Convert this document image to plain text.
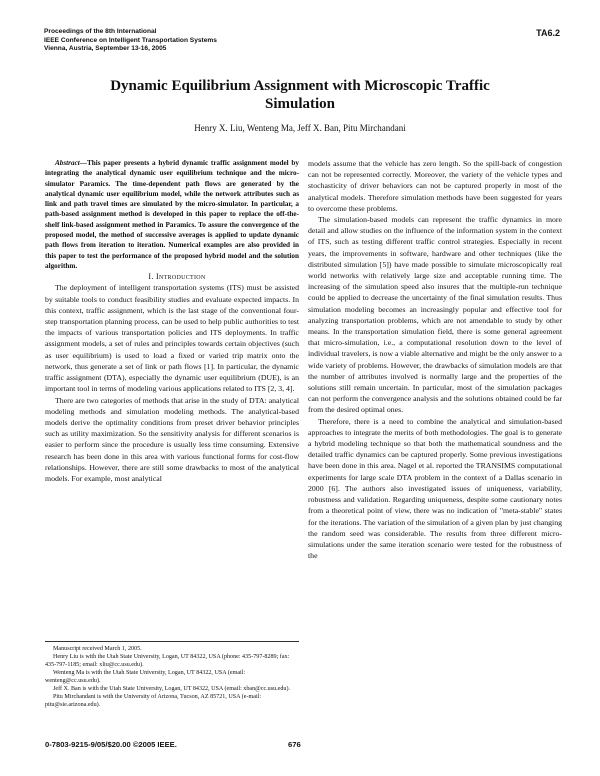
Proceedings of the 8th International
IEEE Conference on Intelligent Transportation Systems
Vienna, Austria, September 13-16, 2005
TA6.2
Dynamic Equilibrium Assignment with Microscopic Traffic
Simulation
Henry X. Liu, Wenteng Ma, Jeff X. Ban, Pitu Mirchandani

Abstract—This paper presents a hybrid dynamic traffic assignment model by integrating the analytical dynamic user equilibrium technique and the micro-simulator Paramics. The time-dependent path flows are generated by the analytical dynamic user equilibrium model, while the network attributes such as link and path travel times are simulated by the micro-simulator. In particular, a path-based assignment method is developed in this paper to replace the off-the-shelf link-based assignment method in Paramics. To assure the convergence of the proposed model, the method of successive averages is applied to update dynamic path flows from iteration to iteration. Numerical examples are also provided in this paper to test the performance of the proposed hybrid model and the solution algorithm.

I. Introduction

The deployment of intelligent transportation systems (ITS) must be assisted by suitable tools to conduct feasibility studies and evaluate expected impacts. In this context, traffic assignment, which is the last stage of the conventional four-step transportation planning process, can be used to help public authorities to test the impacts of various transportation policies and ITS deployments. In traffic assignment models, a set of rules and principles towards certain objectives (such as user equilibrium) is used to load a fixed or varied trip matrix onto the network, thus generate a set of link or path flows [1]. In particular, the dynamic traffic assignment (DTA), especially the dynamic user equilibrium (DUE), is an important tool in terms of modeling various applications related to ITS [2, 3, 4].

There are two categories of methods that arise in the study of DTA: analytical modeling methods and simulation modeling methods. The analytical-based models derive the optimality conditions from preset driver behavior principles such as utility maximization. So the sensitivity analysis for different scenarios is easier to perform since the procedure is usually less time consuming. Extensive research has been done in this area with various functional forms for cost-flow relationships. However, there are still some drawbacks to most of the analytical models. For example, most analytical

models assume that the vehicle has zero length. So the spill-back of congestion can not be represented correctly. Moreover, the variety of the vehicle types and stochasticity of driver behaviors can not be captured properly in most of the analytical models. Therefore simulation methods have been suggested for years to overcome these problems.

The simulation-based models can represent the traffic dynamics in more detail and allow studies on the influence of the information system in the context of ITS, such as testing different traffic control strategies. Especially in recent years, the improvements in software, hardware and other techniques (like the distributed simulation [5]) have made possible to simulate microscopically real world networks with relatively large size and acceptable running time. The increasing of the simulation speed also insures that the multiple-run technique could be applied to decrease the uncertainty of the final simulation results. Thus simulation modeling becomes an increasingly popular and effective tool for analyzing transportation problems, which are not amendable to study by other means. In the transportation simulation field, there is some general agreement that micro-simulation, i.e., a computational resolution down to the level of individual travelers, is now a viable alternative and might be the only answer to a wide variety of problems. However, the drawbacks of simulation models are that the number of attributes involved is normally large and the properties of the solutions still remain uncertain. In particular, most of the simulation packages can not perform the convergence analysis and the solutions obtained could be far from the desired optimal ones.

Therefore, there is a need to combine the analytical and simulation-based approaches to integrate the merits of both methodologies. The goal is to generate a hybrid modeling technique so that both the mathematical soundness and the detailed traffic dynamics can be captured properly. Some previous investigations have been done in this area. Nagel et al. reported the TRANSIMS computational experiments for large scale DTA problem in the context of a Dallas scenario in 2000 [6]. The authors also investigated issues of uniqueness, variability, robustness and validation. Regarding uniqueness, despite some cautionary notes from a theoretical point of view, there was no indication of "meta-stable" states for the iterations. The variation of the simulation of a given plan by just changing the random seed was considerable. The results from three different micro-simulations under the same iteration scenario were tested for the robustness of the

Manuscript received March 1, 2005.

Henry Liu is with the Utah State University, Logan, UT 84322, USA (phone: 435-797-8289; fax: 435-797-1185; email: xliu@cc.usu.edu).

Wenteng Ma is with the Utah State University, Logan, UT 84322, USA (email: wenteng@cc.usu.edu).

Jeff X. Ban is with the Utah State University, Logan, UT 84322, USA (email: xban@cc.usu.edu).

Pitu Mirchandani is with the University of Arizona, Tucson, AZ 85721, USA (e-mail: pitu@sie.arizona.edu).

0-7803-9215-9/05/$20.00 ©2005 IEEE.	676
